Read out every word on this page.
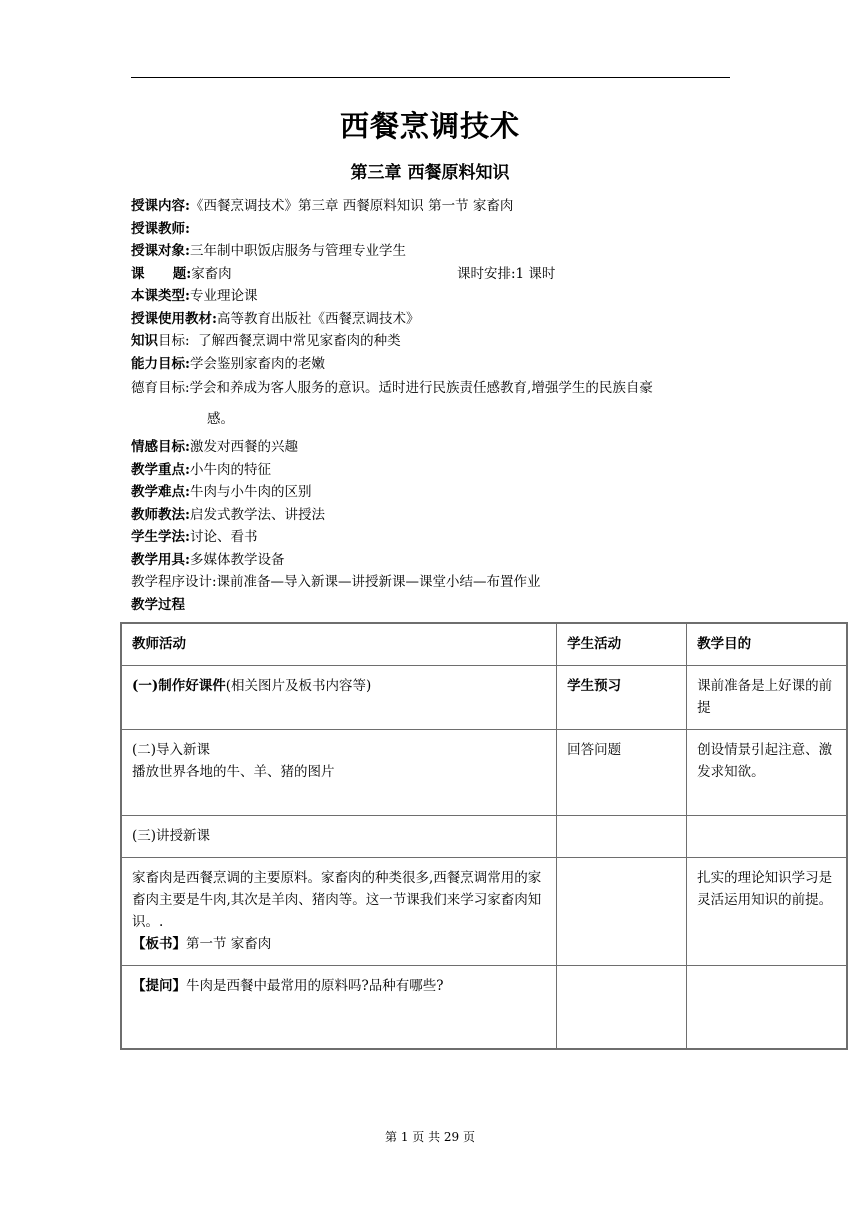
西餐烹调技术
第三章 西餐原料知识
授课内容:《西餐烹调技术》第三章 西餐原料知识 第一节 家畜肉
授课教师:
授课对象:三年制中职饭店服务与管理专业学生
课      题:家畜肉	课时安排:1 课时
本课类型:专业理论课
授课使用教材:高等教育出版社《西餐烹调技术》
知识目标:  了解西餐烹调中常见家畜肉的种类
能力目标:学会鉴别家畜肉的老嫩
德育目标:学会和养成为客人服务的意识。适时进行民族责任感教育,增强学生的民族自豪
感。
情感目标:激发对西餐的兴趣
教学重点:小牛肉的特征
教学难点:牛肉与小牛肉的区别
教师教法:启发式教学法、讲授法
学生学法:讨论、看书
教学用具:多媒体教学设备
教学程序设计:课前准备—导入新课—讲授新课—课堂小结—布置作业
教学过程
教师活动	学生活动	教学目的
(一)制作好课件(相关图片及板书内容等)	学生预习	课前准备是上好课的前提

(二)导入新课
播放世界各地的牛、羊、猪的图片	回答问题	创设情景引起注意、激发求知欲。
(三)讲授新课		

家畜肉是西餐烹调的主要原料。家畜肉的种类很多,西餐烹调常用的家畜肉主要是牛肉,其次是羊肉、猪肉等。这一节课我们来学习家畜肉知识。.
【板书】第一节 家畜肉		扎实的理论知识学习是灵活运用知识的前提。
【提问】牛肉是西餐中最常用的原料吗?品种有哪些?		
第 1 页 共 29 页
